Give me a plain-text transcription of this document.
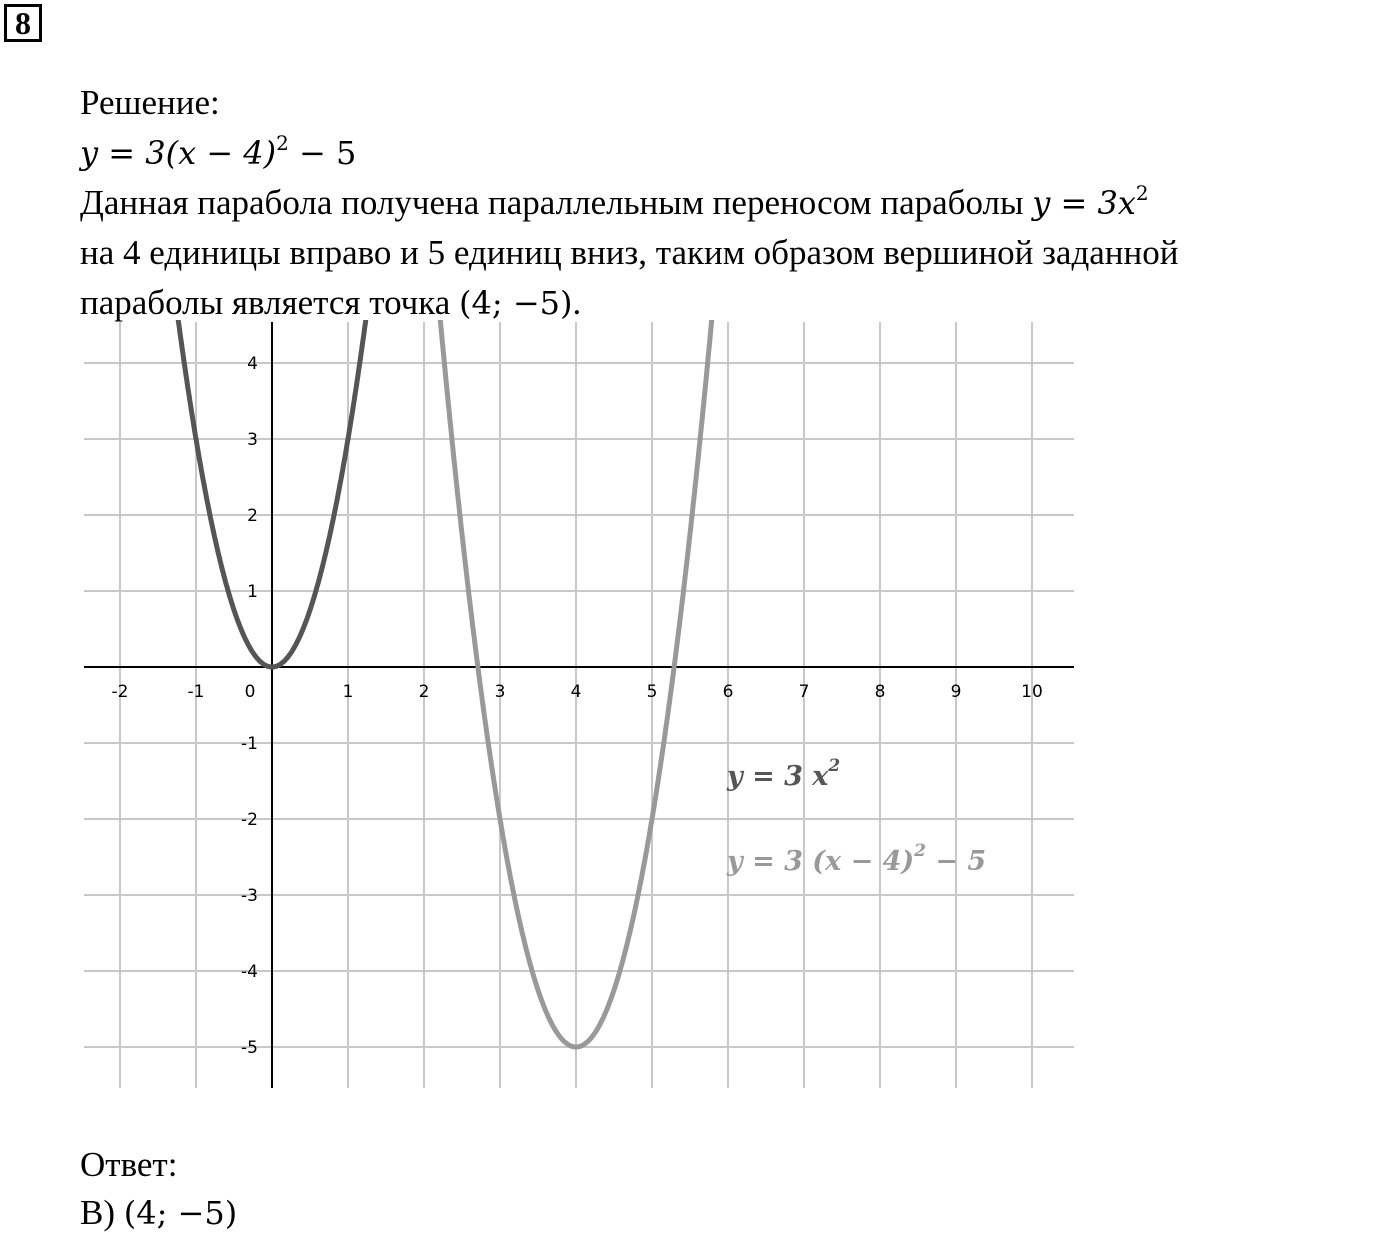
8
Решение:
$y = 3(x - 4)^2 - 5$
Данная парабола получена параллельным переносом параболы $y = 3x^2$
на 4 единицы вправо и 5 единиц вниз, таким образом вершиной заданной
параболы является точка (4; −5).
-2	-1 0	1	2	3	4	5	6	7	8	9	10
-5
-4
-3
-2
-1
1
2
3
4
y = 3 $x^2$
y = 3 $(x - 4)^2 - 5$
Ответ:
B) (4; −5)
